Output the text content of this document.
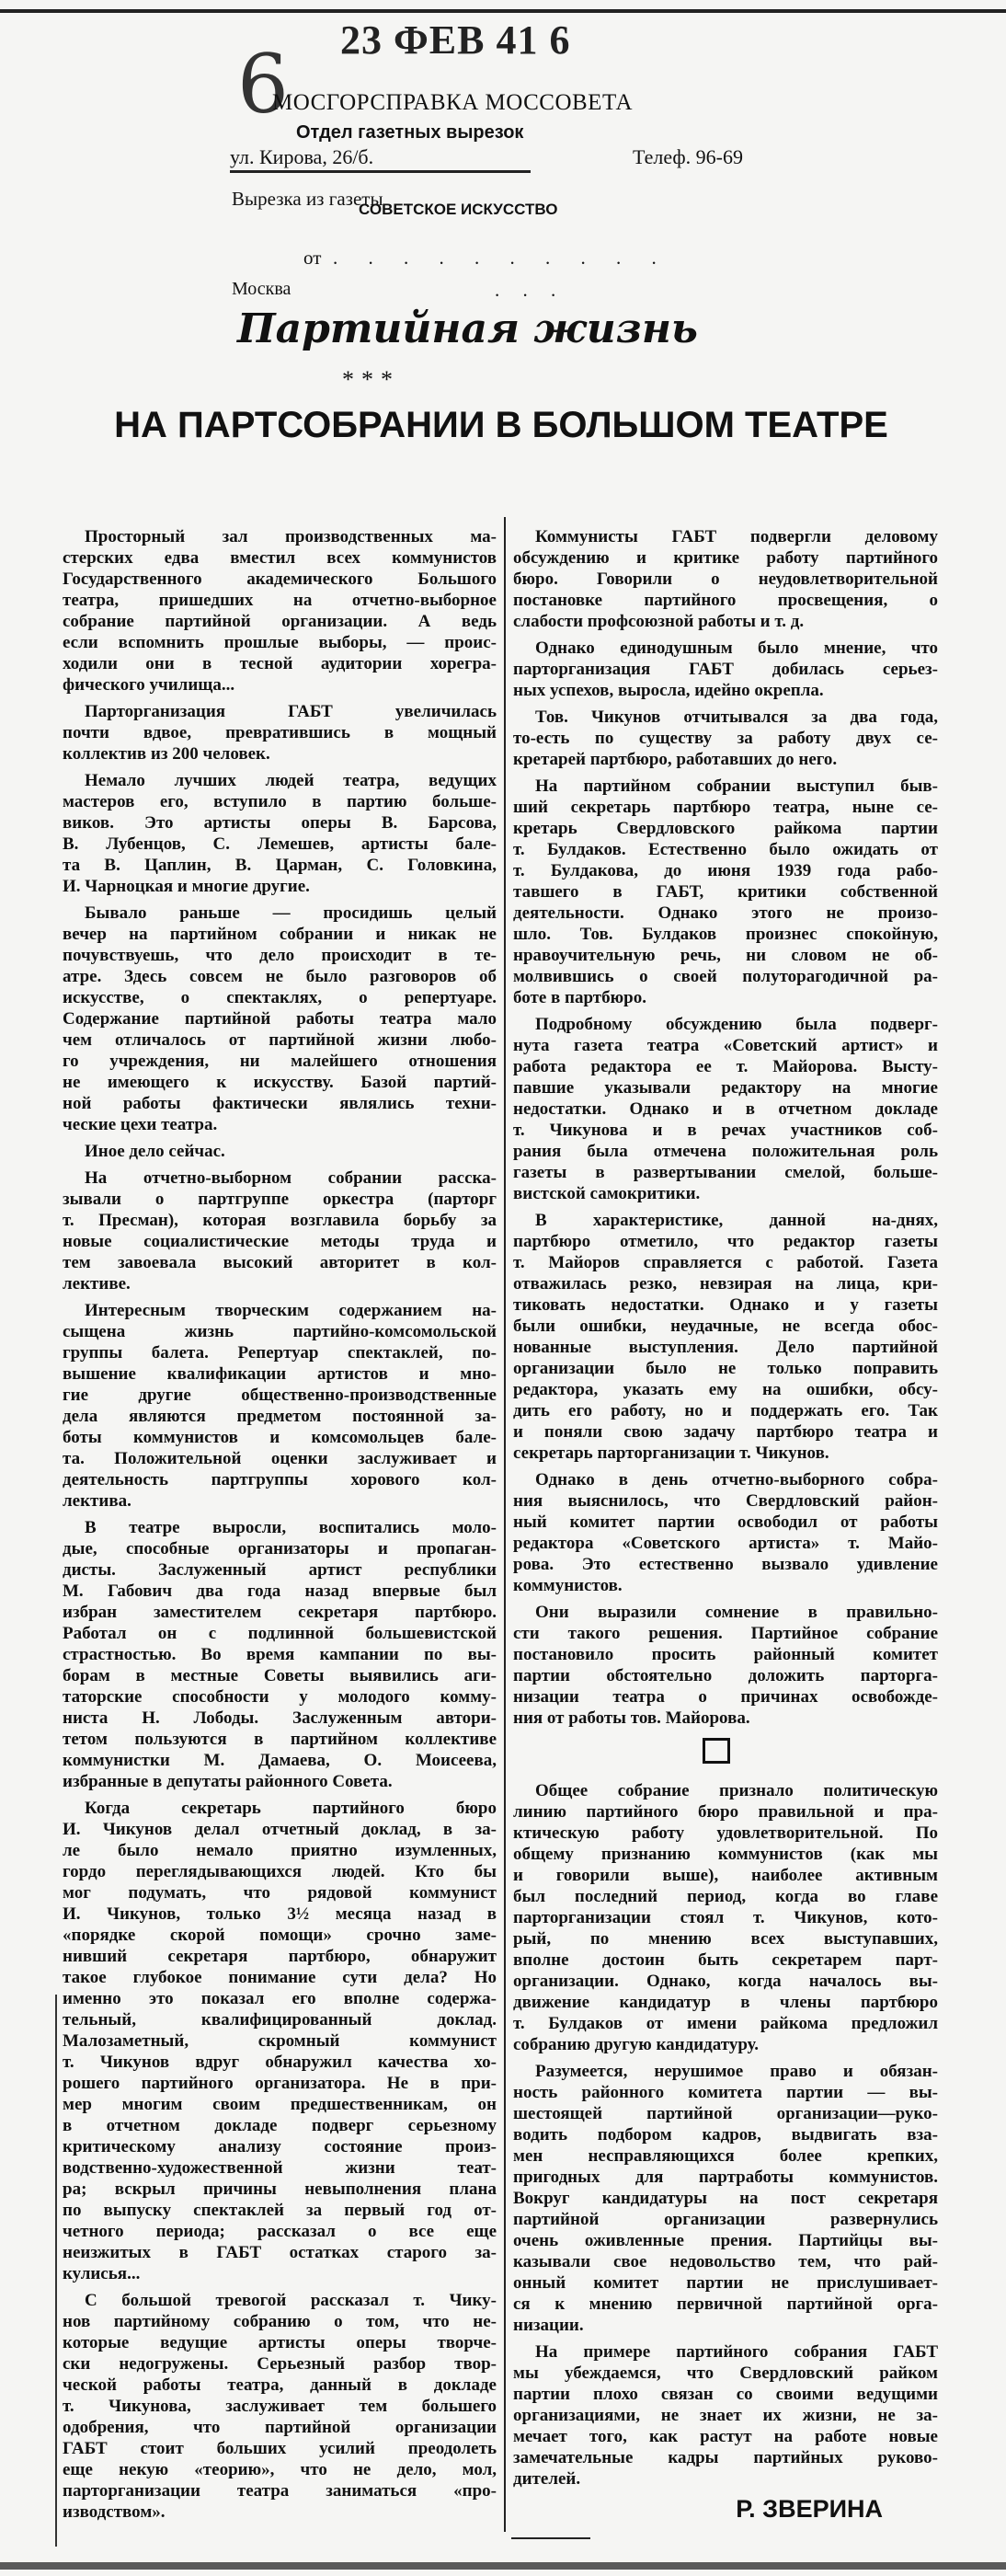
6 23 ФЕВ 41 6
МОСГОРСПРАВКА МОССОВЕТА
Отдел газетных вырезок
ул. Кирова, 26/б.	Телеф. 96-69
Вырезка из газеты
СОВЕТСКОЕ ИСКУССТВО
от . . . . . . . . . .
Москва	. . .
Партийная жизнь
***
НА ПАРТСОБРАНИИ В БОЛЬШОМ ТЕАТРЕ
Просторный зал производственных ма-
стерских едва вместил всех коммунистов
Государственного академического Большого
театра, пришедших на отчетно-выборное
собрание партийной организации. А ведь
если вспомнить прошлые выборы, — проис-
ходили они в тесной аудитории хорегра-
фического училища...
Парторганизация ГАБТ увеличилась
почти вдвое, превратившись в мощный
коллектив из 200 человек.
Немало лучших людей театра, ведущих
мастеров его, вступило в партию больше-
виков. Это артисты оперы В. Барсова,
В. Лубенцов, С. Лемешев, артисты бале-
та В. Цаплин, В. Царман, С. Головкина,
И. Чарноцкая и многие другие.
Бывало раньше — просидишь целый
вечер на партийном собрании и никак не
почувствуешь, что дело происходит в те-
атре. Здесь совсем не было разговоров об
искусстве, о спектаклях, о репертуаре.
Содержание партийной работы театра мало
чем отличалось от партийной жизни любо-
го учреждения, ни малейшего отношения
не имеющего к искусству. Базой партий-
ной работы фактически являлись техни-
ческие цехи театра.
Иное дело сейчас.
На отчетно-выборном собрании расска-
зывали о партгруппе оркестра (парторг
т. Пресман), которая возглавила борьбу за
новые социалистические методы труда и
тем завоевала высокий авторитет в кол-
лективе.
Интересным творческим содержанием на-
сыщена жизнь партийно-комсомольской
группы балета. Репертуар спектаклей, по-
вышение квалификации артистов и мно-
гие другие общественно-производственные
дела являются предметом постоянной за-
боты коммунистов и комсомольцев бале-
та. Положительной оценки заслуживает и
деятельность партгруппы хорового кол-
лектива.
В театре выросли, воспитались моло-
дые, способные организаторы и пропаган-
дисты. Заслуженный артист республики
М. Габович два года назад впервые был
избран заместителем секретаря партбюро.
Работал он с подлинной большевистской
страстностью. Во время кампании по вы-
борам в местные Советы выявились аги-
таторские способности у молодого комму-
ниста Н. Лободы. Заслуженным автори-
тетом пользуются в партийном коллективе
коммунистки М. Дамаева, О. Моисеева,
избранные в депутаты районного Совета.
Когда секретарь партийного бюро
И. Чикунов делал отчетный доклад, в за-
ле было немало приятно изумленных,
гордо переглядывающихся людей. Кто бы
мог подумать, что рядовой коммунист
И. Чикунов, только 3½ месяца назад в
«порядке скорой помощи» срочно заме-
нивший секретаря партбюро, обнаружит
такое глубокое понимание сути дела? Но
именно это показал его вполне содержа-
тельный, квалифицированный доклад.
Малозаметный, скромный коммунист
т. Чикунов вдруг обнаружил качества хо-
рошего партийного организатора. Не в при-
мер многим своим предшественникам, он
в отчетном докладе подверг серьезному
критическому анализу состояние произ-
водственно-художественной жизни теат-
ра; вскрыл причины невыполнения плана
по выпуску спектаклей за первый год от-
четного периода; рассказал о все еще
неизжитых в ГАБТ остатках старого за-
кулисья...
С большой тревогой рассказал т. Чику-
нов партийному собранию о том, что не-
которые ведущие артисты оперы творче-
ски недогружены. Серьезный разбор твор-
ческой работы театра, данный в докладе
т. Чикунова, заслуживает тем большего
одобрения, что партийной организации
ГАБТ стоит больших усилий преодолеть
еще некую «теорию», что не дело, мол,
парторганизации театра заниматься «про-
изводством».
Коммунисты ГАБТ подвергли деловому
обсуждению и критике работу партийного
бюро. Говорили о неудовлетворительной
постановке партийного просвещения, о
слабости профсоюзной работы и т. д.
Однако единодушным было мнение, что
парторганизация ГАБТ добилась серьез-
ных успехов, выросла, идейно окрепла.
Тов. Чикунов отчитывался за два года,
то-есть по существу за работу двух се-
кретарей партбюро, работавших до него.
На партийном собрании выступил быв-
ший секретарь партбюро театра, ныне се-
кретарь Свердловского райкома партии
т. Булдаков. Естественно было ожидать от
т. Булдакова, до июня 1939 года рабо-
тавшего в ГАБТ, критики собственной
деятельности. Однако этого не произо-
шло. Тов. Булдаков произнес спокойную,
нравоучительную речь, ни словом не об-
молвившись о своей полуторагодичной ра-
боте в партбюро.
Подробному обсуждению была подверг-
нута газета театра «Советский артист» и
работа редактора ее т. Майорова. Высту-
павшие указывали редактору на многие
недостатки. Однако и в отчетном докладе
т. Чикунова и в речах участников соб-
рания была отмечена положительная роль
газеты в развертывании смелой, больше-
вистской самокритики.
В характеристике, данной на-днях,
партбюро отметило, что редактор газеты
т. Майоров справляется с работой. Газета
отважилась резко, невзирая на лица, кри-
тиковать недостатки. Однако и у газеты
были ошибки, неудачные, не всегда обос-
нованные выступления. Дело партийной
организации было не только поправить
редактора, указать ему на ошибки, обсу-
дить его работу, но и поддержать его. Так
и поняли свою задачу партбюро театра и
секретарь парторганизации т. Чикунов.
Однако в день отчетно-выборного собра-
ния выяснилось, что Свердловский район-
ный комитет партии освободил от работы
редактора «Советского артиста» т. Майо-
рова. Это естественно вызвало удивление
коммунистов.
Они выразили сомнение в правильно-
сти такого решения. Партийное собрание
постановило просить районный комитет
партии обстоятельно доложить парторга-
низации театра о причинах освобожде-
ния от работы тов. Майорова.
Общее собрание признало политическую
линию партийного бюро правильной и пра-
ктическую работу удовлетворительной. По
общему признанию коммунистов (как мы
и говорили выше), наиболее активным
был последний период, когда во главе
парторганизации стоял т. Чикунов, кото-
рый, по мнению всех выступавших,
вполне достоин быть секретарем парт-
организации. Однако, когда началось вы-
движение кандидатур в члены партбюро
т. Булдаков от имени райкома предложил
собранию другую кандидатуру.
Разумеется, нерушимое право и обязан-
ность районного комитета партии — вы-
шестоящей партийной организации—руко-
водить подбором кадров, выдвигать вза-
мен несправляющихся более крепких,
пригодных для партработы коммунистов.
Вокруг кандидатуры на пост секретаря
партийной организации развернулись
очень оживленные прения. Партийцы вы-
казывали свое недовольство тем, что рай-
онный комитет партии не прислушивает-
ся к мнению первичной партийной орга-
низации.
На примере партийного собрания ГАБТ
мы убеждаемся, что Свердловский райком
партии плохо связан со своими ведущими
организациями, не знает их жизни, не за-
мечает того, как растут на работе новые
замечательные кадры партийных руково-
дителей.
Р. ЗВЕРИНА
